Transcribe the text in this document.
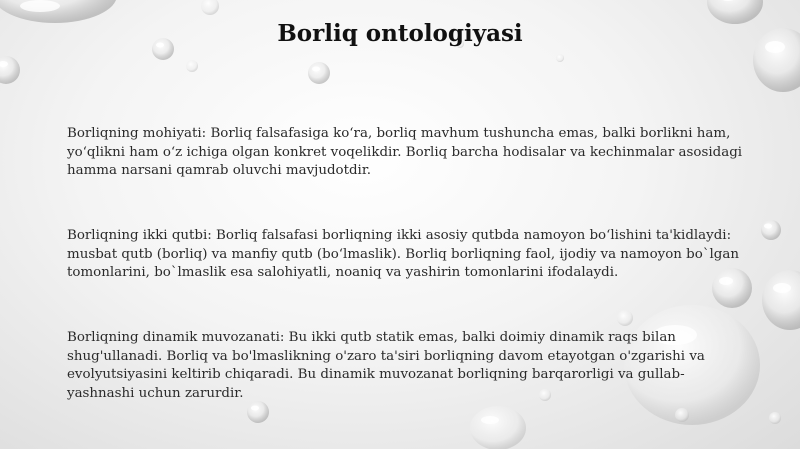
Borliq ontologiyasi

Borliqning mohiyati: Borliq falsafasiga ko‘ra, borliq mavhum tushuncha emas, balki borlikni ham, yo‘qlikni ham o‘z ichiga olgan konkret voqelikdir. Borliq barcha hodisalar va kechinmalar asosidagi hamma narsani qamrab oluvchi mavjudotdir.

Borliqning ikki qutbi: Borliq falsafasi borliqning ikki asosiy qutbda namoyon bo‘lishini ta'kidlaydi: musbat qutb (borliq) va manfiy qutb (bo‘lmaslik). Borliq borliqning faol, ijodiy va namoyon bo`lgan tomonlarini, bo`lmaslik esa salohiyatli, noaniq va yashirin tomonlarini ifodalaydi.

Borliqning dinamik muvozanati: Bu ikki qutb statik emas, balki doimiy dinamik raqs bilan shug'ullanadi. Borliq va bo'lmaslikning o'zaro ta'siri borliqning davom etayotgan o'zgarishi va evolyutsiyasini keltirib chiqaradi. Bu dinamik muvozanat borliqning barqarorligi va gullab-yashnashi uchun zarurdir.
